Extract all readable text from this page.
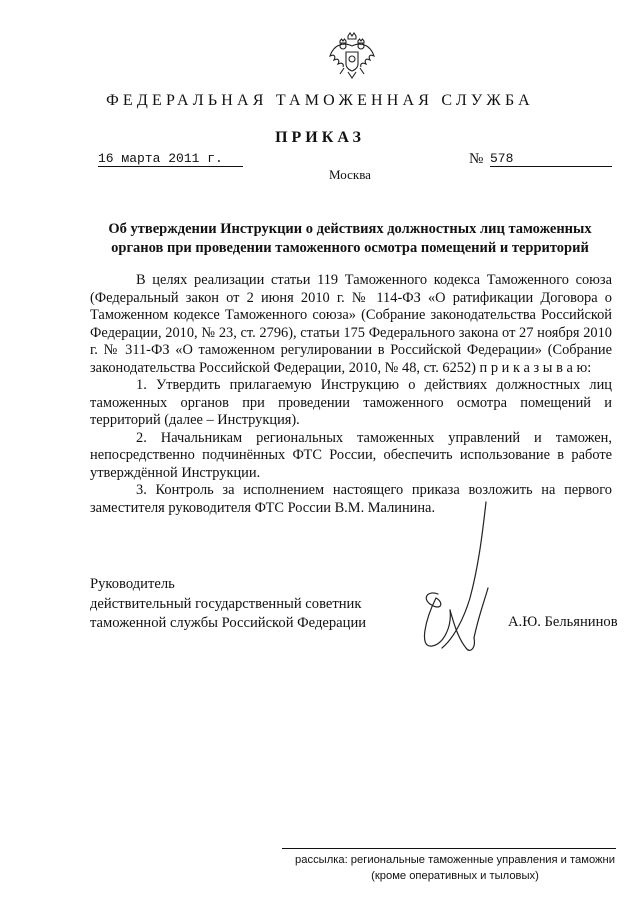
ФЕДЕРАЛЬНАЯ ТАМОЖЕННАЯ СЛУЖБА
ПРИКАЗ
16 марта 2011 г.	№ 578
Москва
Об утверждении Инструкции о действиях должностных лиц таможенных органов при проведении таможенного осмотра помещений и территорий

В целях реализации статьи 119 Таможенного кодекса Таможенного союза (Федеральный закон от 2 июня 2010 г. № 114-ФЗ «О ратификации Договора о Таможенном кодексе Таможенного союза» (Собрание законодательства Российской Федерации, 2010, № 23, ст. 2796), статьи 175 Федерального закона от 27 ноября 2010 г. № 311-ФЗ «О таможенном регулировании в Российской Федерации» (Собрание законодательства Российской Федерации, 2010, № 48, ст. 6252) п р и к а з ы в а ю:

1. Утвердить прилагаемую Инструкцию о действиях должностных лиц таможенных органов при проведении таможенного осмотра помещений и территорий (далее – Инструкция).

2. Начальникам региональных таможенных управлений и таможен, непосредственно подчинённых ФТС России, обеспечить использование в работе утверждённой Инструкции.

3. Контроль за исполнением настоящего приказа возложить на первого заместителя руководителя ФТС России В.М. Малинина.

Руководитель
действительный государственный советник
таможенной службы Российской Федерации	А.Ю. Бельянинов
рассылка: региональные таможенные управления и таможни
(кроме оперативных и тыловых)
